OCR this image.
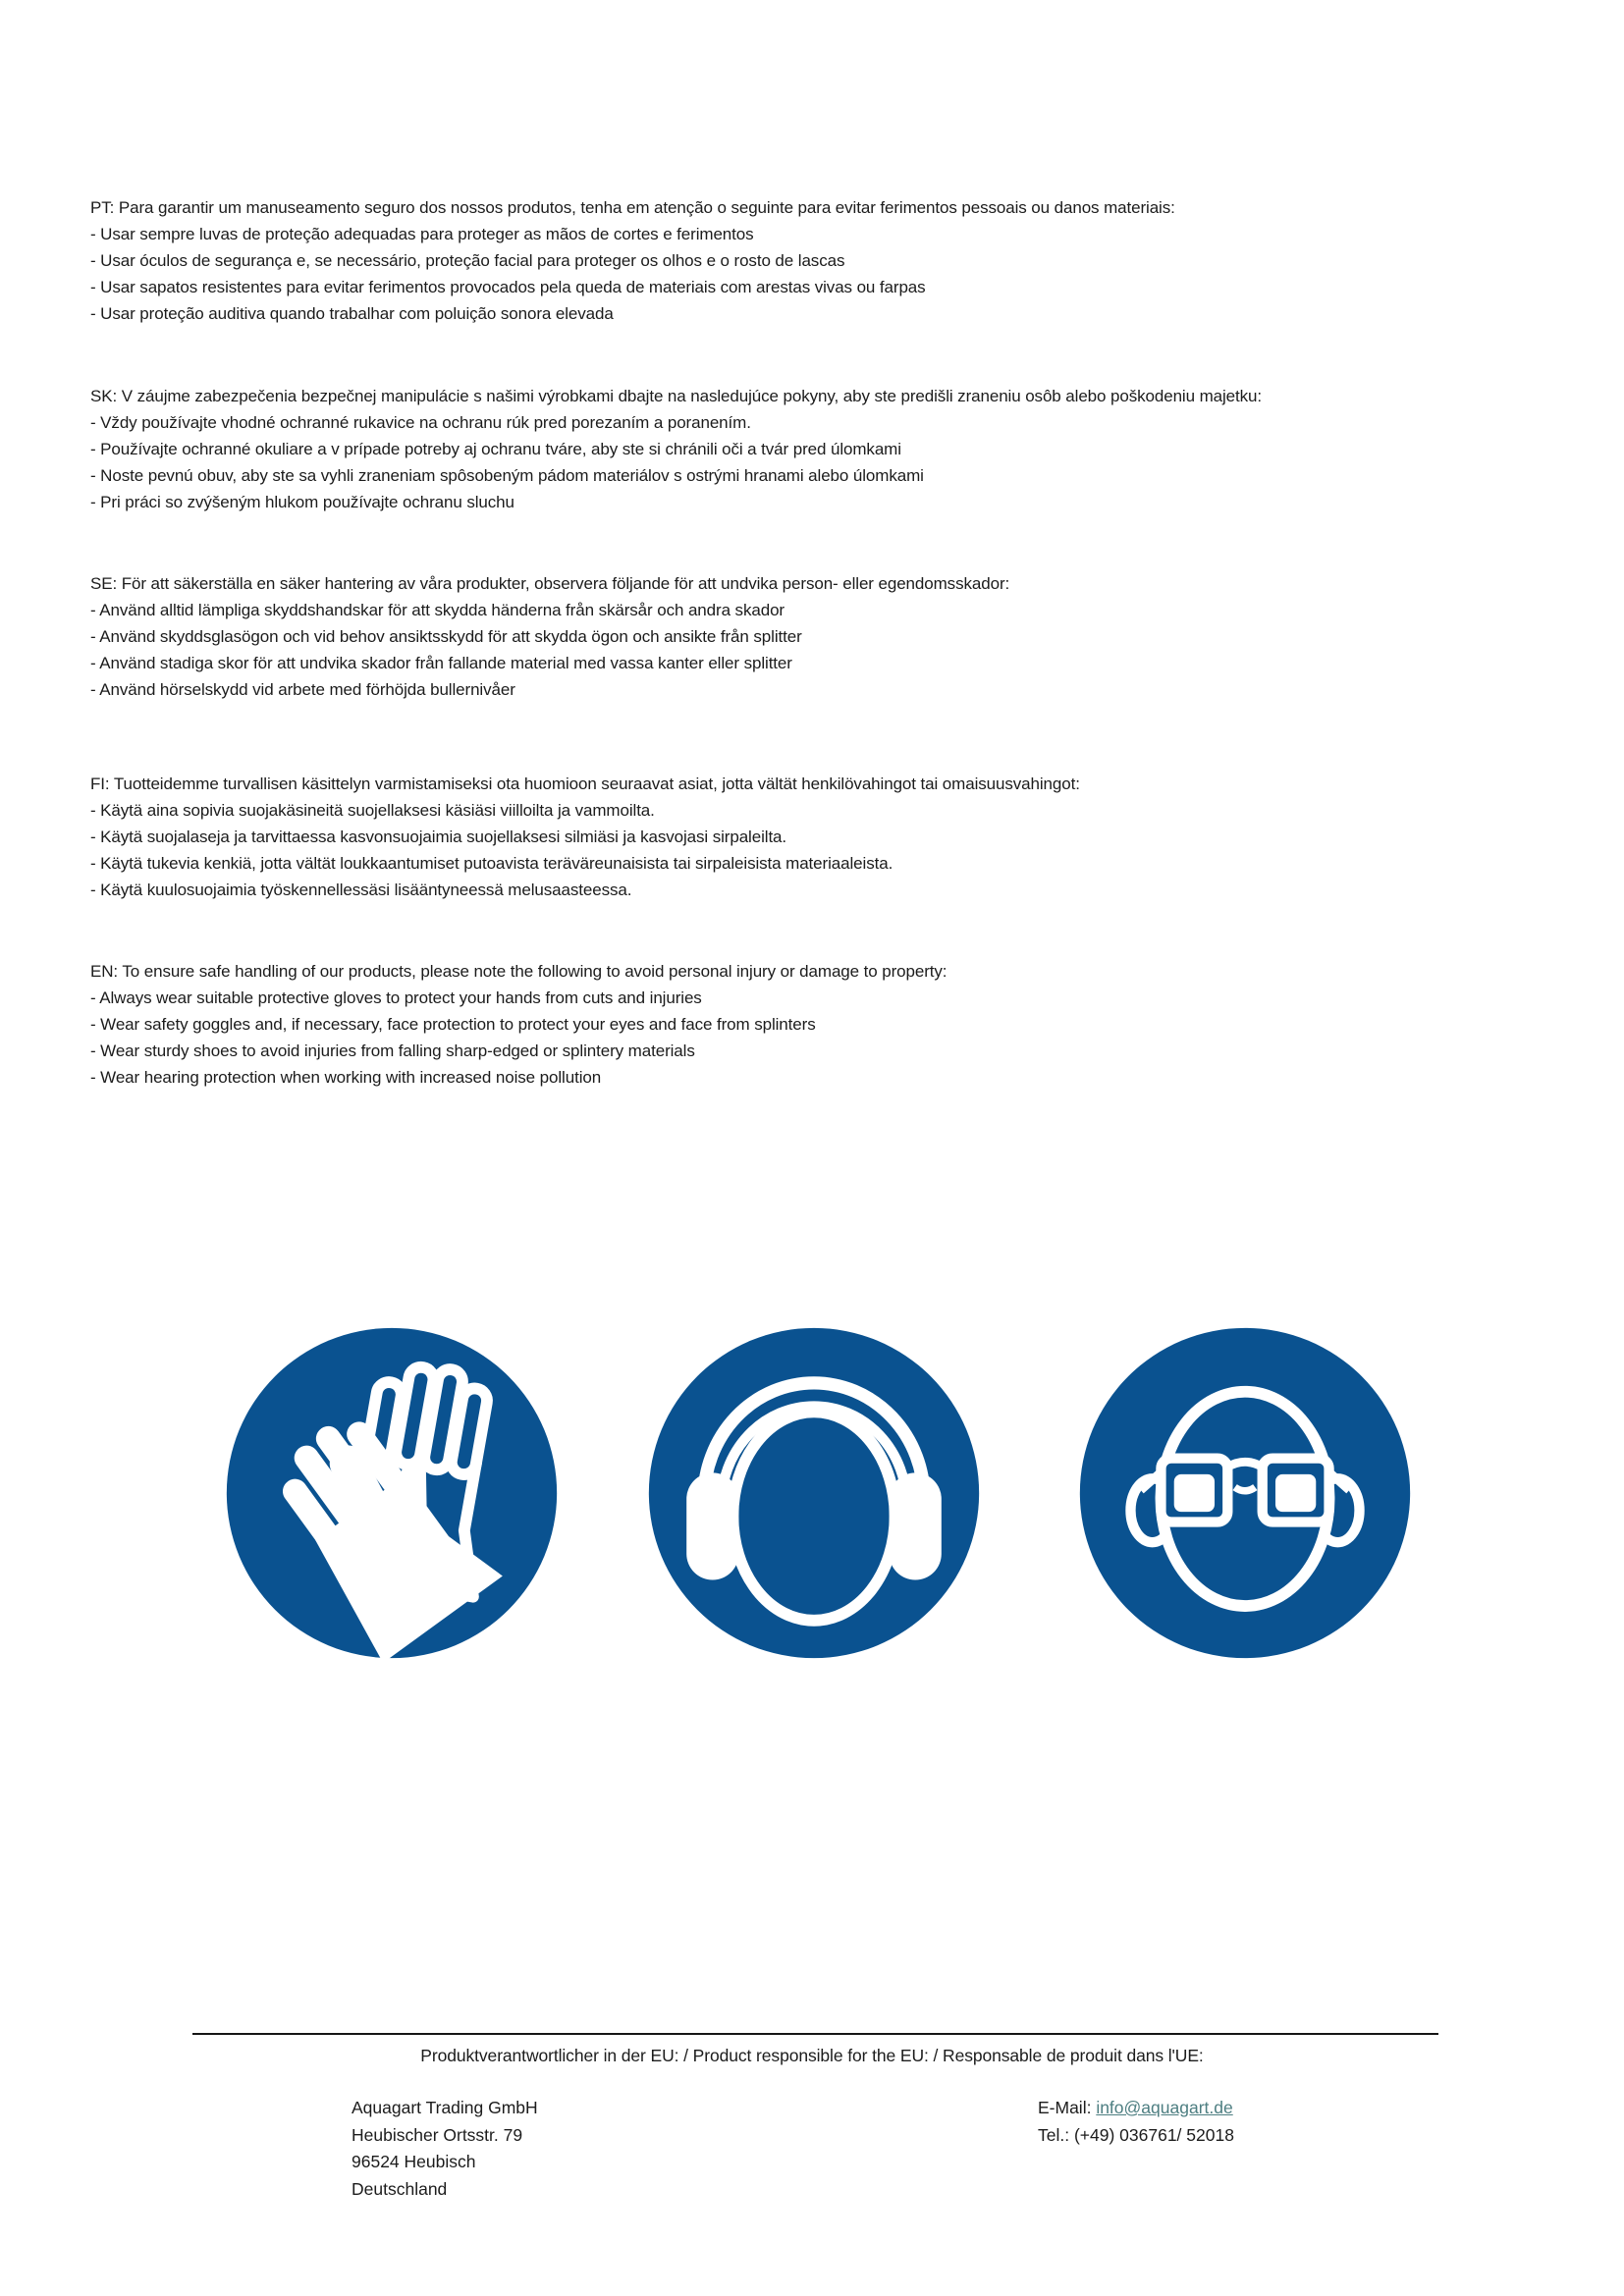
PT: Para garantir um manuseamento seguro dos nossos produtos, tenha em atenção o seguinte para evitar ferimentos pessoais ou danos materiais:
- Usar sempre luvas de proteção adequadas para proteger as mãos de cortes e ferimentos
- Usar óculos de segurança e, se necessário, proteção facial para proteger os olhos e o rosto de lascas
- Usar sapatos resistentes para evitar ferimentos provocados pela queda de materiais com arestas vivas ou farpas
- Usar proteção auditiva quando trabalhar com poluição sonora elevada
SK: V záujme zabezpečenia bezpečnej manipulácie s našimi výrobkami dbajte na nasledujúce pokyny, aby ste predišli zraneniu osôb alebo poškodeniu majetku:
- Vždy používajte vhodné ochranné rukavice na ochranu rúk pred porezaním a poranením.
- Používajte ochranné okuliare a v prípade potreby aj ochranu tváre, aby ste si chránili oči a tvár pred úlomkami
- Noste pevnú obuv, aby ste sa vyhli zraneniam spôsobeným pádom materiálov s ostrými hranami alebo úlomkami
- Pri práci so zvýšeným hlukom používajte ochranu sluchu
SE: För att säkerställa en säker hantering av våra produkter, observera följande för att undvika person- eller egendomsskador:
- Använd alltid lämpliga skyddshandskar för att skydda händerna från skärsår och andra skador
- Använd skyddsglasögon och vid behov ansiktsskydd för att skydda ögon och ansikte från splitter
- Använd stadiga skor för att undvika skador från fallande material med vassa kanter eller splitter
- Använd hörselskydd vid arbete med förhöjda bullernivåer
FI: Tuotteidemme turvallisen käsittelyn varmistamiseksi ota huomioon seuraavat asiat, jotta vältät henkilövahingot tai omaisuusvahingot:
- Käytä aina sopivia suojakäsineitä suojellaksesi käsiäsi viilloilta ja vammoilta.
- Käytä suojalaseja ja tarvittaessa kasvonsuojaimia suojellaksesi silmiäsi ja kasvojasi sirpaleilta.
- Käytä tukevia kenkiä, jotta vältät loukkaantumiset putoavista teräväreunaisista tai sirpaleisista materiaaleista.
- Käytä kuulosuojaimia työskennellessäsi lisääntyneessä melusaasteessa.
EN: To ensure safe handling of our products, please note the following to avoid personal injury or damage to property:
- Always wear suitable protective gloves to protect your hands from cuts and injuries
- Wear safety goggles and, if necessary, face protection to protect your eyes and face from splinters
- Wear sturdy shoes to avoid injuries from falling sharp-edged or splintery materials
- Wear hearing protection when working with increased noise pollution
Produktverantwortlicher in der EU: / Product responsible for the EU: / Responsable de produit dans l'UE:
Aquagart Trading GmbH
Heubischer Ortsstr. 79
96524 Heubisch
Deutschland
E-Mail: info@aquagart.de
Tel.: (+49) 036761/ 52018
